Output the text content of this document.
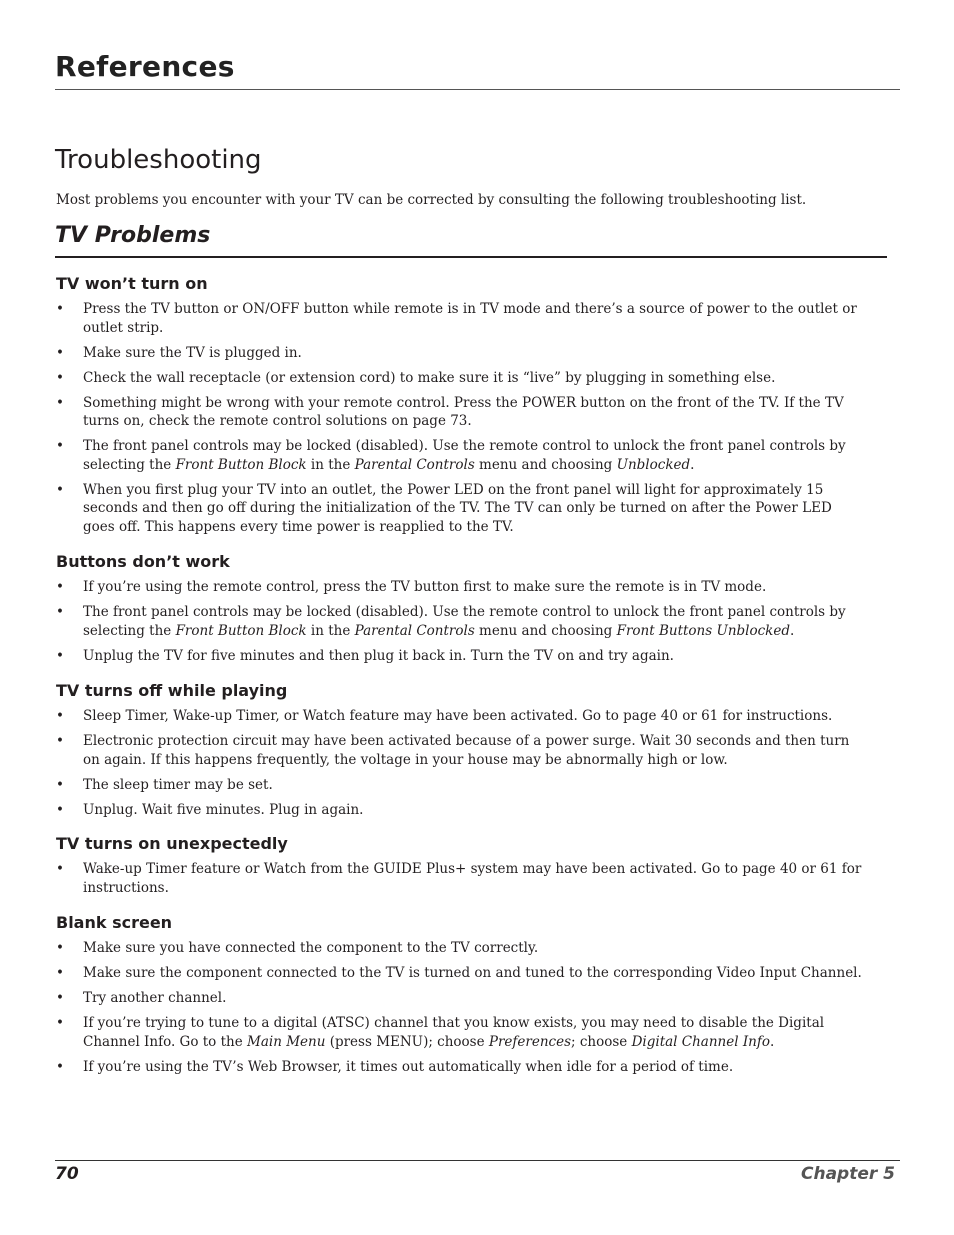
References
Troubleshooting

Most problems you encounter with your TV can be corrected by consulting the following troubleshooting list.

TV Problems
TV won’t turn on
• Press the TV button or ON/OFF button while remote is in TV mode and there’s a source of power to the outlet or outlet strip.
• Make sure the TV is plugged in.
• Check the wall receptacle (or extension cord) to make sure it is “live” by plugging in something else.
• Something might be wrong with your remote control. Press the POWER button on the front of the TV. If the TV turns on, check the remote control solutions on page 73.
• The front panel controls may be locked (disabled). Use the remote control to unlock the front panel controls by selecting the Front Button Block in the Parental Controls menu and choosing Unblocked.
• When you first plug your TV into an outlet, the Power LED on the front panel will light for approximately 15 seconds and then go off during the initialization of the TV. The TV can only be turned on after the Power LED goes off. This happens every time power is reapplied to the TV.
Buttons don’t work
• If you’re using the remote control, press the TV button first to make sure the remote is in TV mode.
• The front panel controls may be locked (disabled). Use the remote control to unlock the front panel controls by selecting the Front Button Block in the Parental Controls menu and choosing Front Buttons Unblocked.
• Unplug the TV for five minutes and then plug it back in. Turn the TV on and try again.
TV turns off while playing
• Sleep Timer, Wake-up Timer, or Watch feature may have been activated. Go to page 40 or 61 for instructions.
• Electronic protection circuit may have been activated because of a power surge. Wait 30 seconds and then turn on again. If this happens frequently, the voltage in your house may be abnormally high or low.
• The sleep timer may be set.
• Unplug. Wait five minutes. Plug in again.
TV turns on unexpectedly
• Wake-up Timer feature or Watch from the GUIDE Plus+ system may have been activated. Go to page 40 or 61 for instructions.
Blank screen
• Make sure you have connected the component to the TV correctly.
• Make sure the component connected to the TV is turned on and tuned to the corresponding Video Input Channel.
• Try another channel.
• If you’re trying to tune to a digital (ATSC) channel that you know exists, you may need to disable the Digital Channel Info. Go to the Main Menu (press MENU); choose Preferences; choose Digital Channel Info.
• If you’re using the TV’s Web Browser, it times out automatically when idle for a period of time.
70	Chapter 5
